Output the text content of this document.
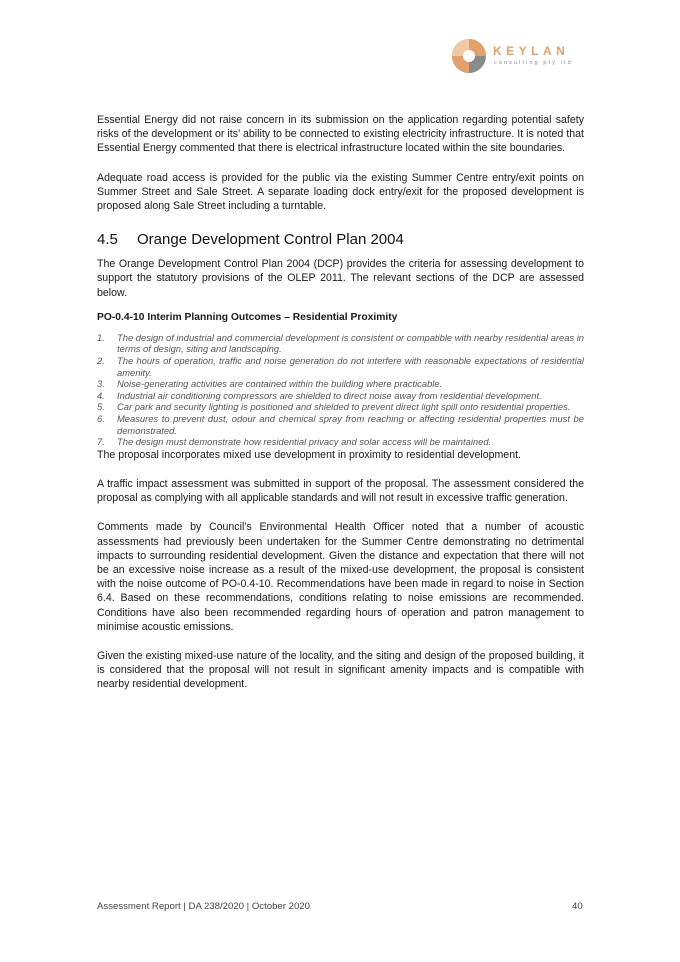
KEYLAN
consulting pty ltd

Essential Energy did not raise concern in its submission on the application regarding potential safety risks of the development or its’ ability to be connected to existing electricity infrastructure. It is noted that Essential Energy commented that there is electrical infrastructure located within the site boundaries.

Adequate road access is provided for the public via the existing Summer Centre entry/exit points on Summer Street and Sale Street. A separate loading dock entry/exit for the proposed development is proposed along Sale Street including a turntable.

4.5 Orange Development Control Plan 2004

The Orange Development Control Plan 2004 (DCP) provides the criteria for assessing development to support the statutory provisions of the OLEP 2011. The relevant sections of the DCP are assessed below.

PO-0.4-10 Interim Planning Outcomes – Residential Proximity
1. The design of industrial and commercial development is consistent or compatible with nearby residential areas in terms of design, siting and landscaping.
2. The hours of operation, traffic and noise generation do not interfere with reasonable expectations of residential amenity.
3. Noise-generating activities are contained within the building where practicable.
4. Industrial air conditioning compressors are shielded to direct noise away from residential development.
5. Car park and security lighting is positioned and shielded to prevent direct light spill onto residential properties.
6. Measures to prevent dust, odour and chemical spray from reaching or affecting residential properties must be demonstrated.
7. The design must demonstrate how residential privacy and solar access will be maintained.

The proposal incorporates mixed use development in proximity to residential development.

A traffic impact assessment was submitted in support of the proposal. The assessment considered the proposal as complying with all applicable standards and will not result in excessive traffic generation.

Comments made by Council’s Environmental Health Officer noted that a number of acoustic assessments had previously been undertaken for the Summer Centre demonstrating no detrimental impacts to surrounding residential development. Given the distance and expectation that there will not be an excessive noise increase as a result of the mixed-use development, the proposal is consistent with the noise outcome of PO-0.4-10. Recommendations have been made in regard to noise in Section 6.4. Based on these recommendations, conditions relating to noise emissions are recommended. Conditions have also been recommended regarding hours of operation and patron management to minimise acoustic emissions.

Given the existing mixed-use nature of the locality, and the siting and design of the proposed building, it is considered that the proposal will not result in significant amenity impacts and is compatible with nearby residential development.

Assessment Report | DA 238/2020 | October 2020	40
